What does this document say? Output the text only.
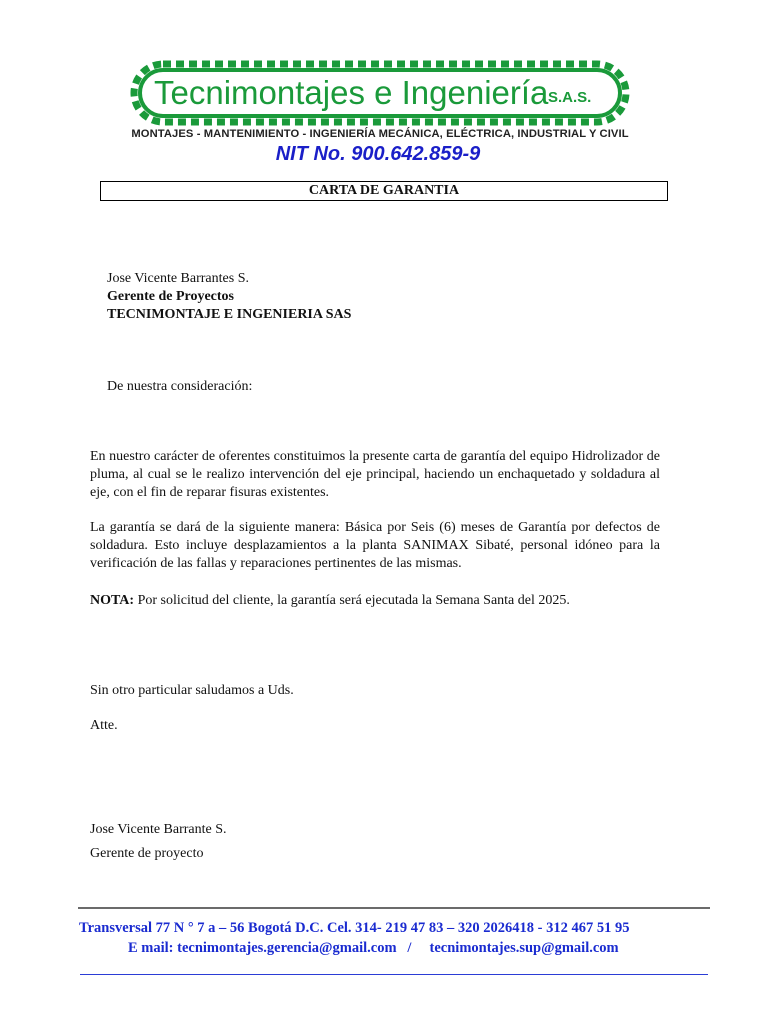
Tecnimontajes e Ingeniería S.A.S.
MONTAJES - MANTENIMIENTO - INGENIERÍA MECÁNICA, ELÉCTRICA, INDUSTRIAL Y CIVIL
NIT No. 900.642.859-9
CARTA DE GARANTIA
Jose Vicente Barrantes S.
Gerente de Proyectos
TECNIMONTAJE E INGENIERIA SAS
De nuestra consideración:
En nuestro carácter de oferentes constituimos la presente carta de garantía del equipo Hidrolizador de pluma, al cual se le realizo intervención del eje principal, haciendo un enchaquetado y soldadura al eje, con el fin de reparar fisuras existentes.
La garantía se dará de la siguiente manera: Básica por Seis (6) meses de Garantía por defectos de soldadura. Esto incluye desplazamientos a la planta SANIMAX Sibaté, personal idóneo para la verificación de las fallas y reparaciones pertinentes de las mismas.
NOTA: Por solicitud del cliente, la garantía será ejecutada la Semana Santa del 2025.
Sin otro particular saludamos a Uds.
Atte.
Jose Vicente Barrante S.
Gerente de proyecto
Transversal 77 N ° 7 a – 56 Bogotá D.C. Cel. 314- 219 47 83 – 320 2026418 - 312 467 51 95
E mail: tecnimontajes.gerencia@gmail.com   /     tecnimontajes.sup@gmail.com
